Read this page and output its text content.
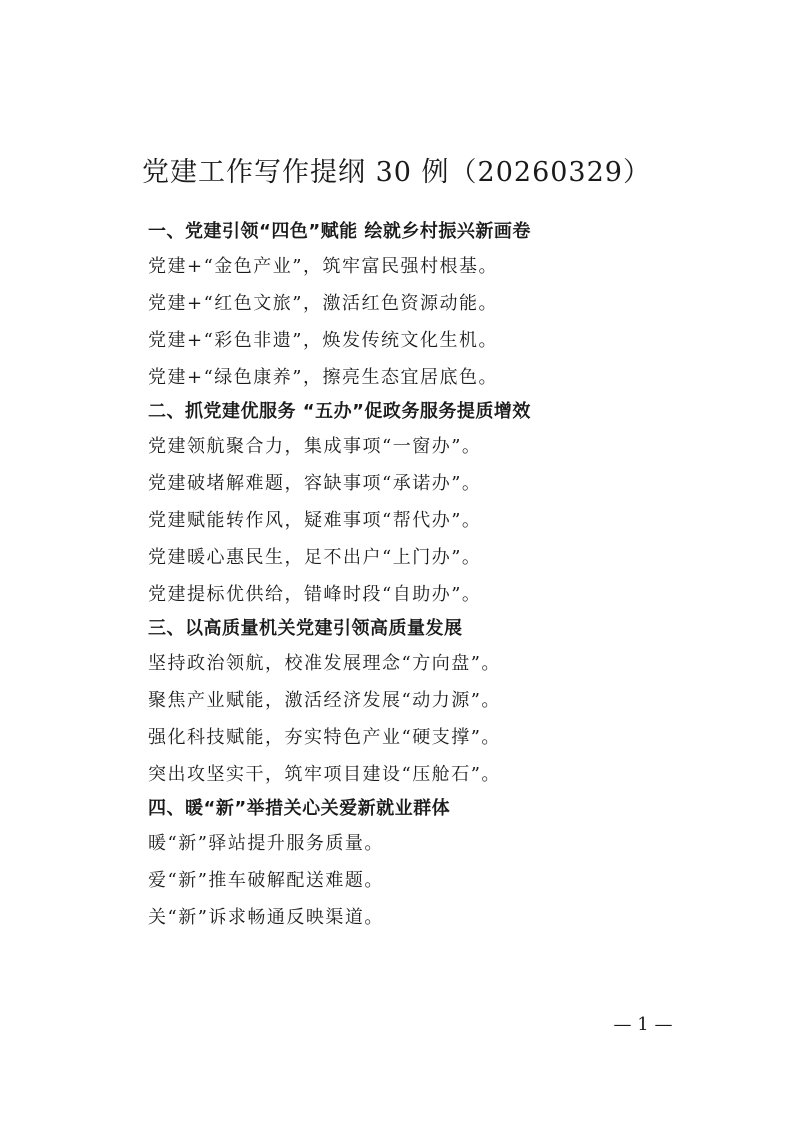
党建工作写作提纲 30 例（20260329）
一、党建引领“四色”赋能 绘就乡村振兴新画卷
党建+“金色产业”，筑牢富民强村根基。
党建+“红色文旅”，激活红色资源动能。
党建+“彩色非遗”，焕发传统文化生机。
党建+“绿色康养”，擦亮生态宜居底色。
二、抓党建优服务 “五办”促政务服务提质增效
党建领航聚合力，集成事项“一窗办”。
党建破堵解难题，容缺事项“承诺办”。
党建赋能转作风，疑难事项“帮代办”。
党建暖心惠民生，足不出户“上门办”。
党建提标优供给，错峰时段“自助办”。
三、以高质量机关党建引领高质量发展
坚持政治领航，校准发展理念“方向盘”。
聚焦产业赋能，激活经济发展“动力源”。
强化科技赋能，夯实特色产业“硬支撑”。
突出攻坚实干，筑牢项目建设“压舱石”。
四、暖“新”举措关心关爱新就业群体
暖“新”驿站提升服务质量。
爱“新”推车破解配送难题。
关“新”诉求畅通反映渠道。
— 1 —
